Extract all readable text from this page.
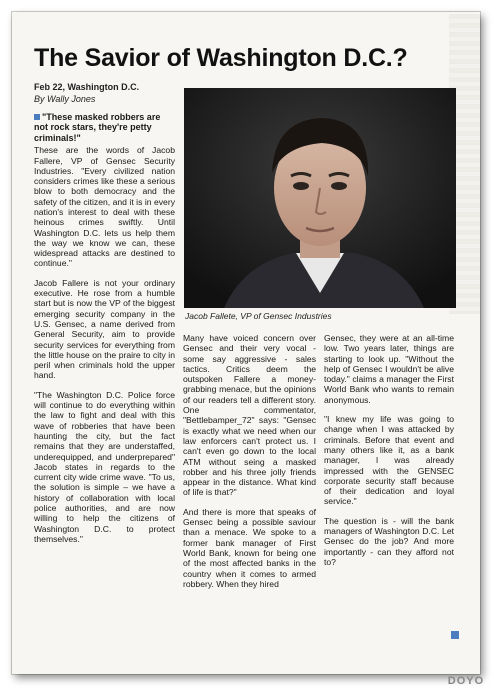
The Savior of Washington D.C.?
Feb 22, Washington D.C.
By Wally Jones

"These masked robbers are not rock stars, they're petty criminals!"

These are the words of Jacob Fallere, VP of Gensec Security Industries. "Every civilized nation considers crimes like these a serious blow to both democracy and the safety of the citizen, and it is in every nation's interest to deal with these heinous crimes swiftly. Until Washington D.C. lets us help them the way we know we can, these widespread attacks are destined to continue."

Jacob Fallere is not your ordinary executive. He rose from a humble start but is now the VP of the biggest emerging security company in the U.S. Gensec, a name derived from General Security, aim to provide security services for everything from the little house on the praire to city in peril when criminals hold the upper hand.

"The Washington D.C. Police force will continue to do everything within the law to fight and deal with this wave of robberies that have been haunting the city, but the fact remains that they are understaffed, underequipped, and underprepared" Jacob states in regards to the current city wide crime wave. "To us, the solution is simple – we have a history of collaboration with local police authorities, and are now willing to help the citizens of Washington D.C. to protect themselves."

Jacob Fallete, VP of Gensec Industries

Many have voiced concern over Gensec and their very vocal - some say aggressive - sales tactics. Critics deem the outspoken Fallere a money-grabbing menace, but the opinions of our readers tell a different story. One commentator, "Bettlebamper_72" says: "Gensec is exactly what we need when our law enforcers can't protect us. I can't even go down to the local ATM without seing a masked robber and his three jolly friends appear in the distance. What kind of life is that?"

And there is more that speaks of Gensec being a possible saviour than a menace. We spoke to a former bank manager of First World Bank, known for being one of the most affected banks in the country when it comes to armed robbery. When they hired

Gensec, they were at an all-time low. Two years later, things are starting to look up. "Without the help of Gensec I wouldn't be alive today." claims a manager the First World Bank who wants to remain anonymous.

"I knew my life was going to change when I was attacked by criminals. Before that event and many others like it, as a bank manager, I was already impressed with the GENSEC corporate security staff because of their dedication and loyal service."

The question is - will the bank managers of Washington D.C. Let Gensec do the job? And more importantly - can they afford not to?

DOYO
